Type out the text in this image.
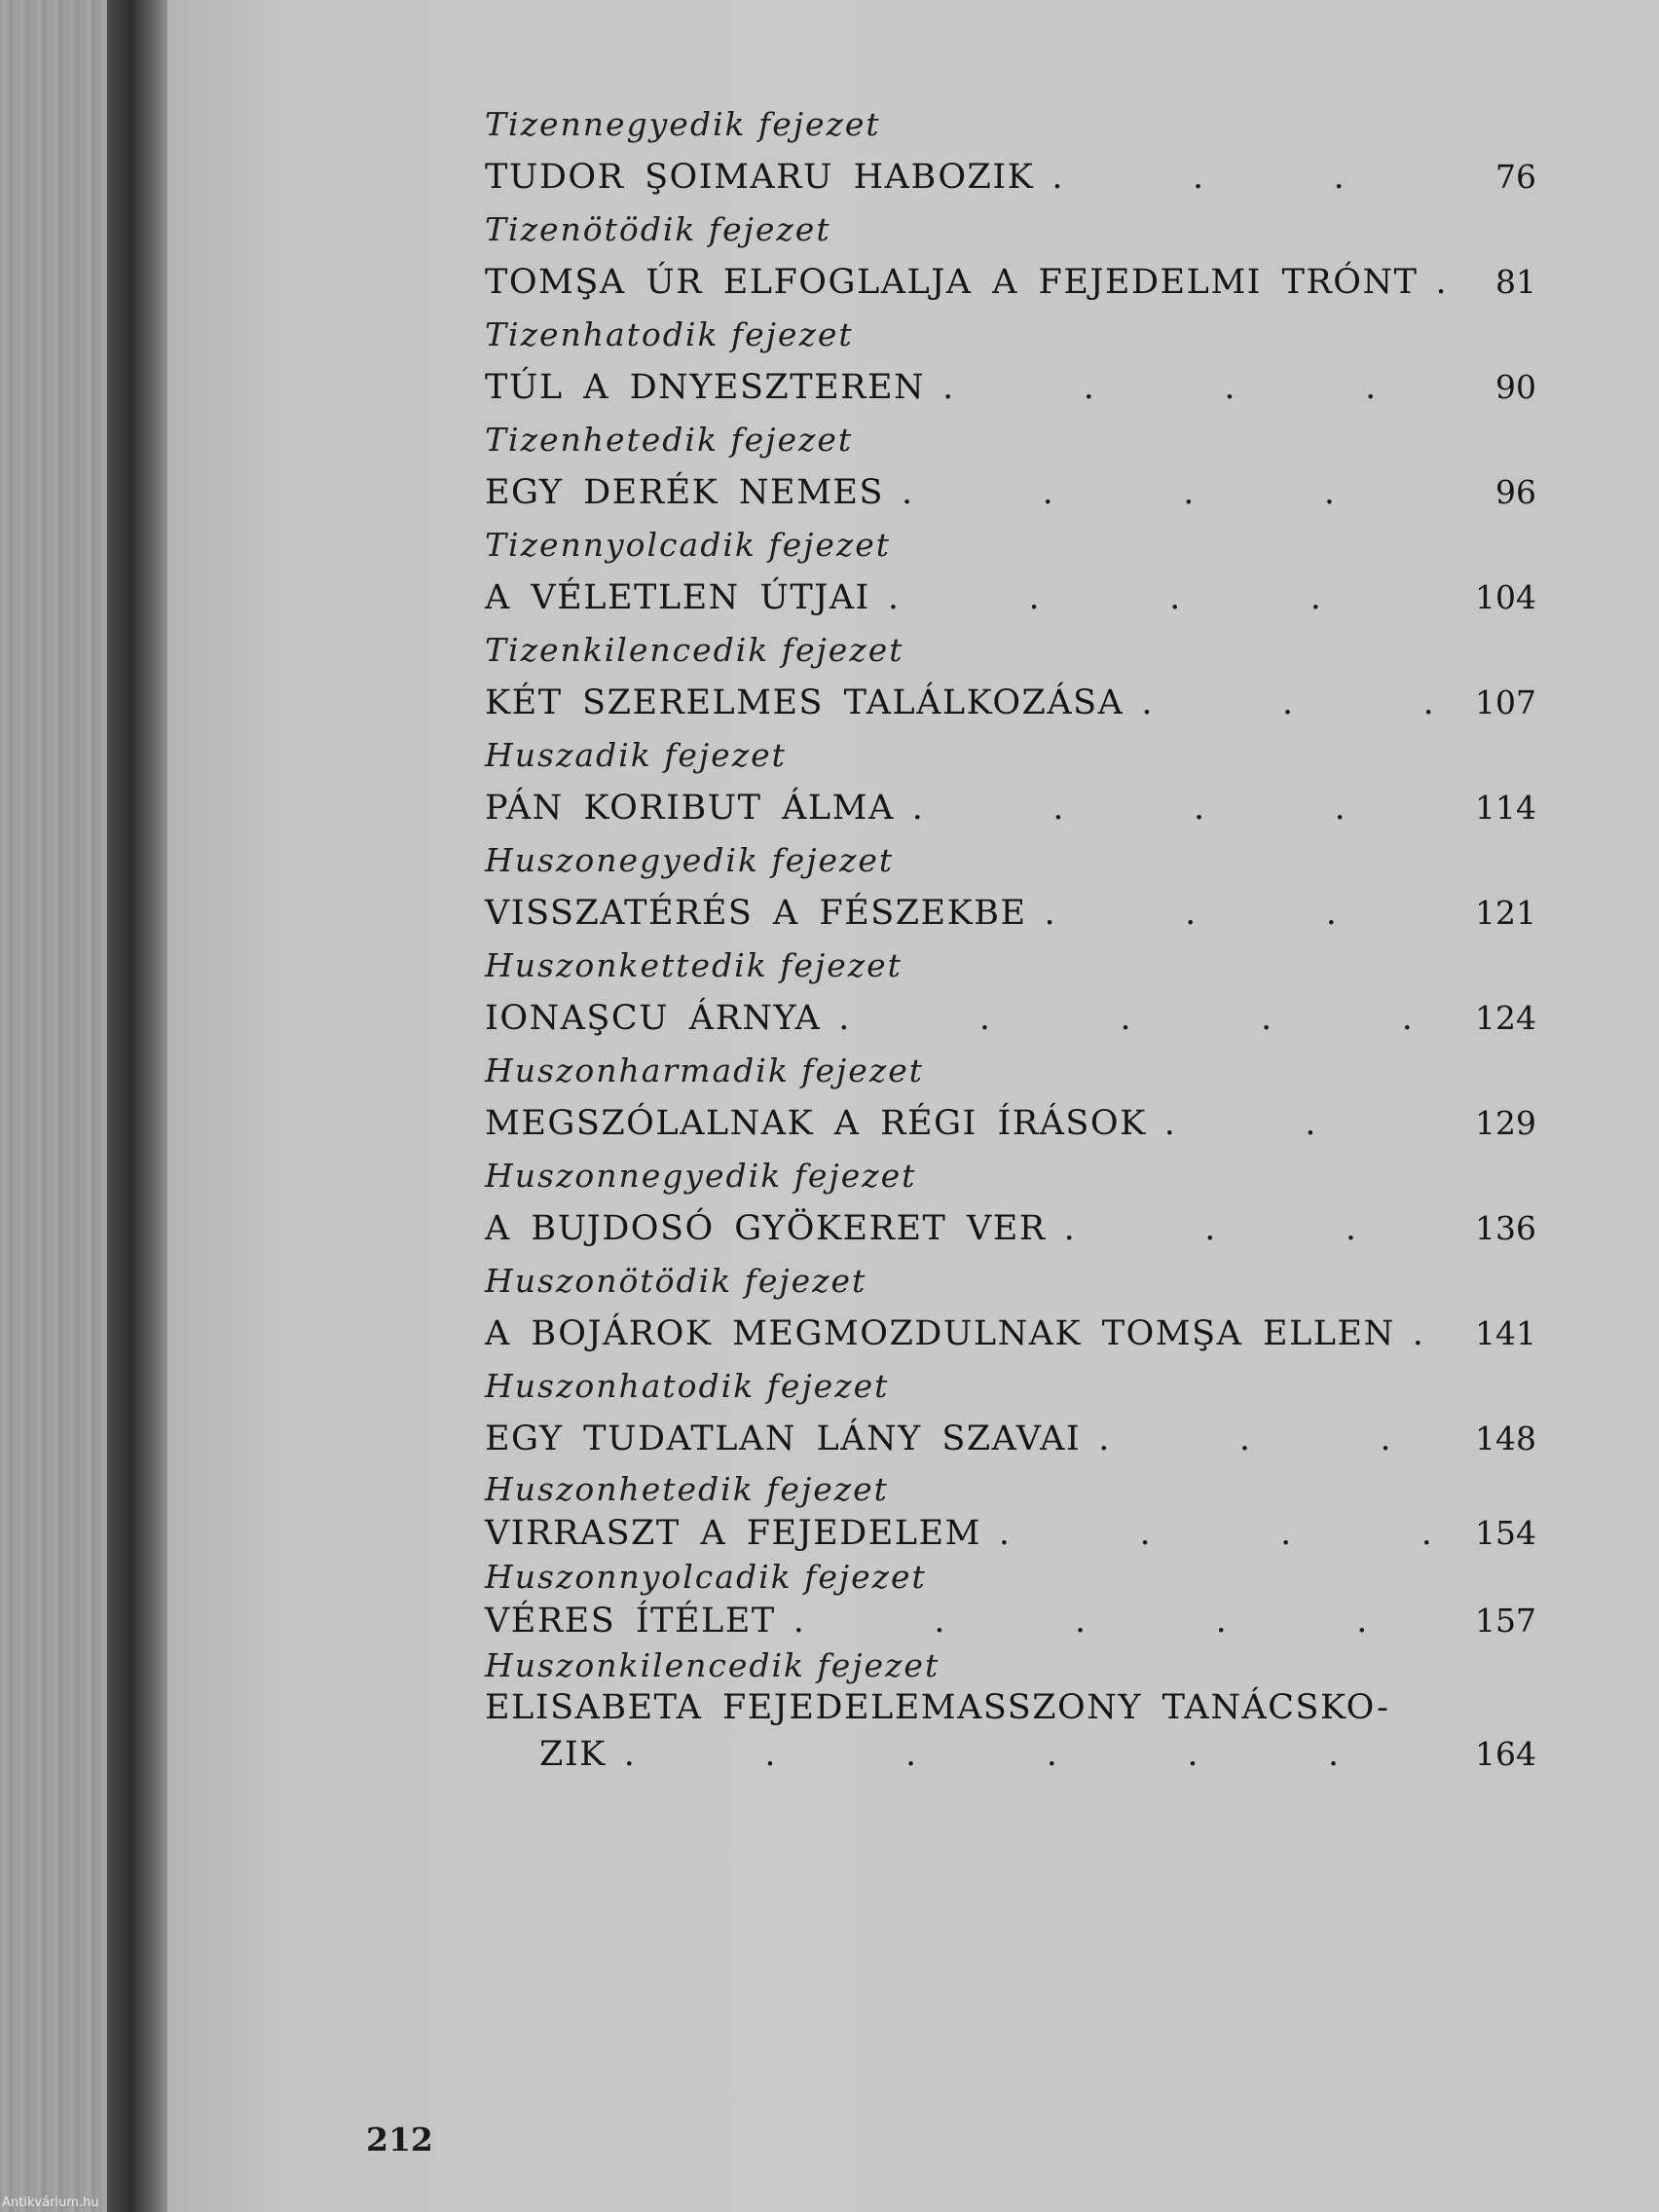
Tizennegyedik fejezet
TUDOR ŞOIMARU HABOZIK .	76
Tizenötödik fejezet
TOMŞA ÚR ELFOGLALJA A FEJEDELMI TRÓNT .	81
Tizenhatodik fejezet
TÚL A DNYESZTEREN .	90
Tizenhetedik fejezet
EGY DERÉK NEMES .	96
Tizennyolcadik fejezet
A VÉLETLEN ÚTJAI .	104
Tizenkilencedik fejezet
KÉT SZERELMES TALÁLKOZÁSA .	107
Huszadik fejezet
PÁN KORIBUT ÁLMA .	114
Huszonegyedik fejezet
VISSZATÉRÉS A FÉSZEKBE .	121
Huszonkettedik fejezet
IONAŞCU ÁRNYA .	124
Huszonharmadik fejezet
MEGSZÓLALNAK A RÉGI ÍRÁSOK .	129
Huszonnegyedik fejezet
A BUJDOSÓ GYÖKERET VER .	136
Huszonötödik fejezet
A BOJÁROK MEGMOZDULNAK TOMŞA ELLEN . 141
Huszonhatodik fejezet
EGY TUDATLAN LÁNY SZAVAI .	148
Huszonhetedik fejezet
VIRRASZT A FEJEDELEM .	154
Huszonnyolcadik fejezet
VÉRES ÍTÉLET .	157
Huszonkilencedik fejezet
ELISABETA FEJEDELEMASSZONY TANÁCSKO-
ZIK .	164
212
Antikvárium.hu
